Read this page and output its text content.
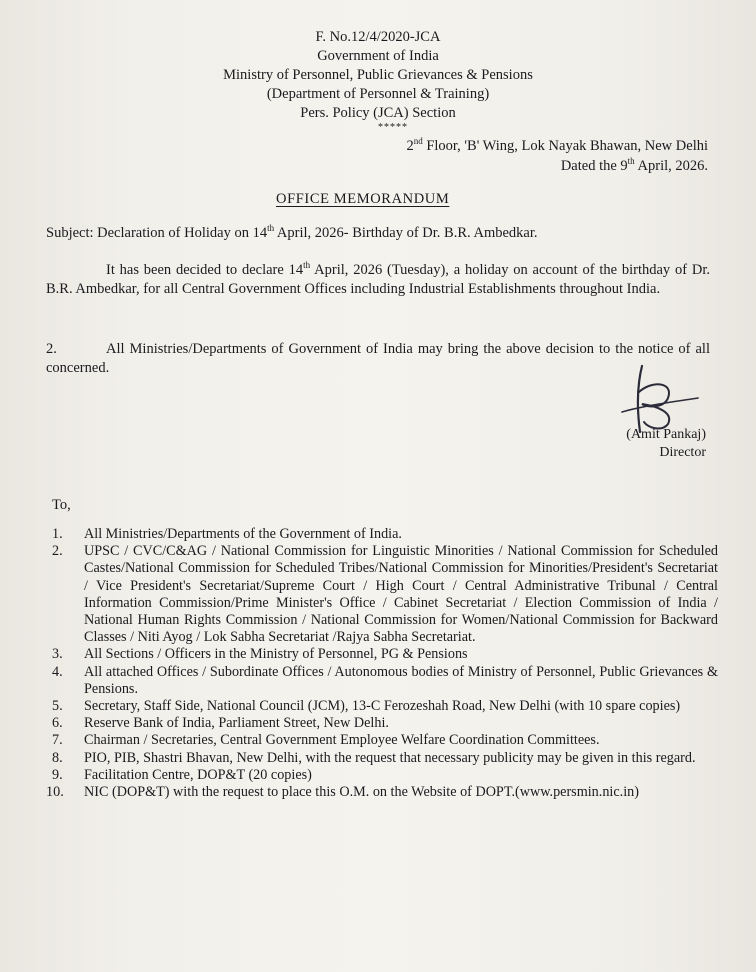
F. No.12/4/2020-JCA
Government of India
Ministry of Personnel, Public Grievances & Pensions
(Department of Personnel & Training)
Pers. Policy (JCA) Section
*****
2nd Floor, 'B' Wing, Lok Nayak Bhawan, New Delhi
Dated the 9th April, 2026.
OFFICE MEMORANDUM
Subject: Declaration of Holiday on 14th April, 2026- Birthday of Dr. B.R. Ambedkar.
It has been decided to declare 14th April, 2026 (Tuesday), a holiday on account of the birthday of Dr. B.R. Ambedkar, for all Central Government Offices including Industrial Establishments throughout India.
2.	All Ministries/Departments of Government of India may bring the above decision to the notice of all concerned.
(Amit Pankaj)
Director
To,
1. All Ministries/Departments of the Government of India.
2. UPSC / CVC/C&AG / National Commission for Linguistic Minorities / National Commission for Scheduled Castes/National Commission for Scheduled Tribes/National Commission for Minorities/President's Secretariat / Vice President's Secretariat/Supreme Court / High Court / Central Administrative Tribunal / Central Information Commission/Prime Minister's Office / Cabinet Secretariat / Election Commission of India / National Human Rights Commission / National Commission for Women/National Commission for Backward Classes / Niti Ayog / Lok Sabha Secretariat /Rajya Sabha Secretariat.
3. All Sections / Officers in the Ministry of Personnel, PG & Pensions
4. All attached Offices / Subordinate Offices / Autonomous bodies of Ministry of Personnel, Public Grievances & Pensions.
5. Secretary, Staff Side, National Council (JCM), 13-C Ferozeshah Road, New Delhi (with 10 spare copies)
6. Reserve Bank of India, Parliament Street, New Delhi.
7. Chairman / Secretaries, Central Government Employee Welfare Coordination Committees.
8. PIO, PIB, Shastri Bhavan, New Delhi, with the request that necessary publicity may be given in this regard.
9. Facilitation Centre, DOP&T (20 copies)
10. NIC (DOP&T) with the request to place this O.M. on the Website of DOPT.(www.persmin.nic.in)
